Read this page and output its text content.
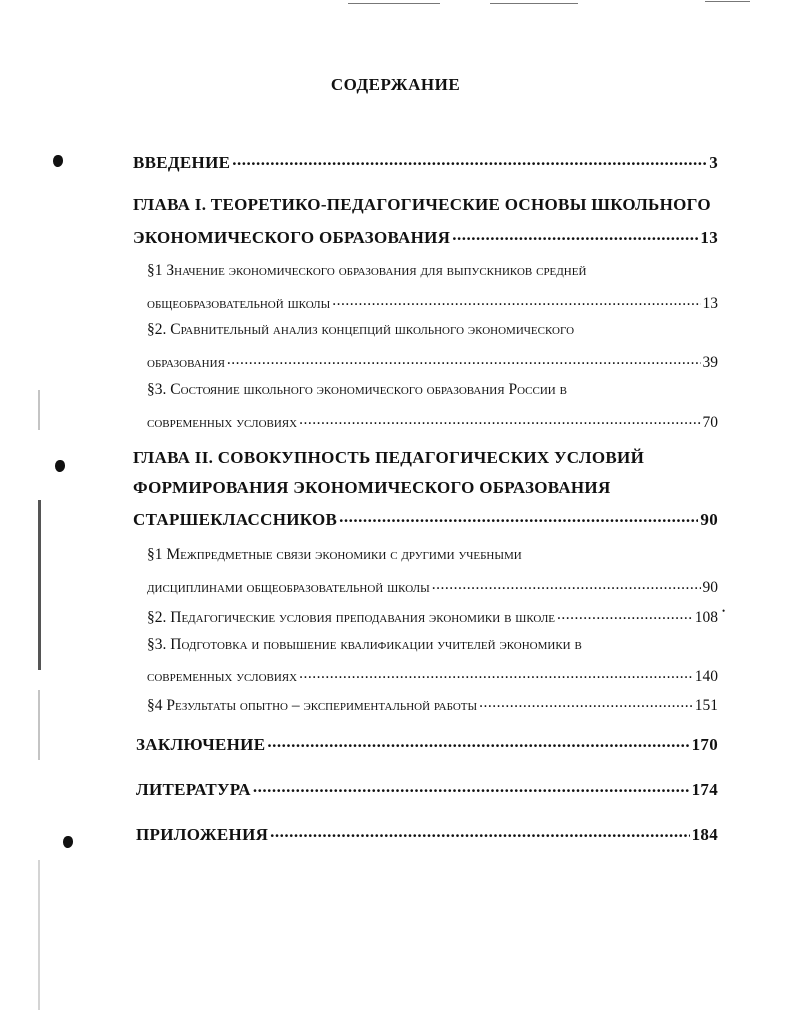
СОДЕРЖАНИЕ
ВВЕДЕНИЕ .....	3
ГЛАВА I. ТЕОРЕТИКО-ПЕДАГОГИЧЕСКИЕ ОСНОВЫ ШКОЛЬНОГО
ЭКОНОМИЧЕСКОГО ОБРАЗОВАНИЯ .....	13
§1 Значение экономического образования для выпускников средней
общеобразовательной школы .....	13
§2. Сравнительный анализ концепций школьного экономического
образования .....	39
§3. Состояние школьного экономического образования России в
современных условиях .....	70
ГЛАВА II. СОВОКУПНОСТЬ ПЕДАГОГИЧЕСКИХ УСЛОВИЙ
ФОРМИРОВАНИЯ ЭКОНОМИЧЕСКОГО ОБРАЗОВАНИЯ
СТАРШЕКЛАССНИКОВ .....	90
§1 Межпредметные связи экономики с другими учебными
дисциплинами общеобразовательной школы .....	90
§2. Педагогические условия преподавания экономики в школе .....	108 •
§3. Подготовка и повышение квалификации учителей экономики в
современных условиях .....	140
§4 Результаты опытно – экспериментальной работы .....	151
ЗАКЛЮЧЕНИЕ .....	170
ЛИТЕРАТУРА .....	174
ПРИЛОЖЕНИЯ .....	184
